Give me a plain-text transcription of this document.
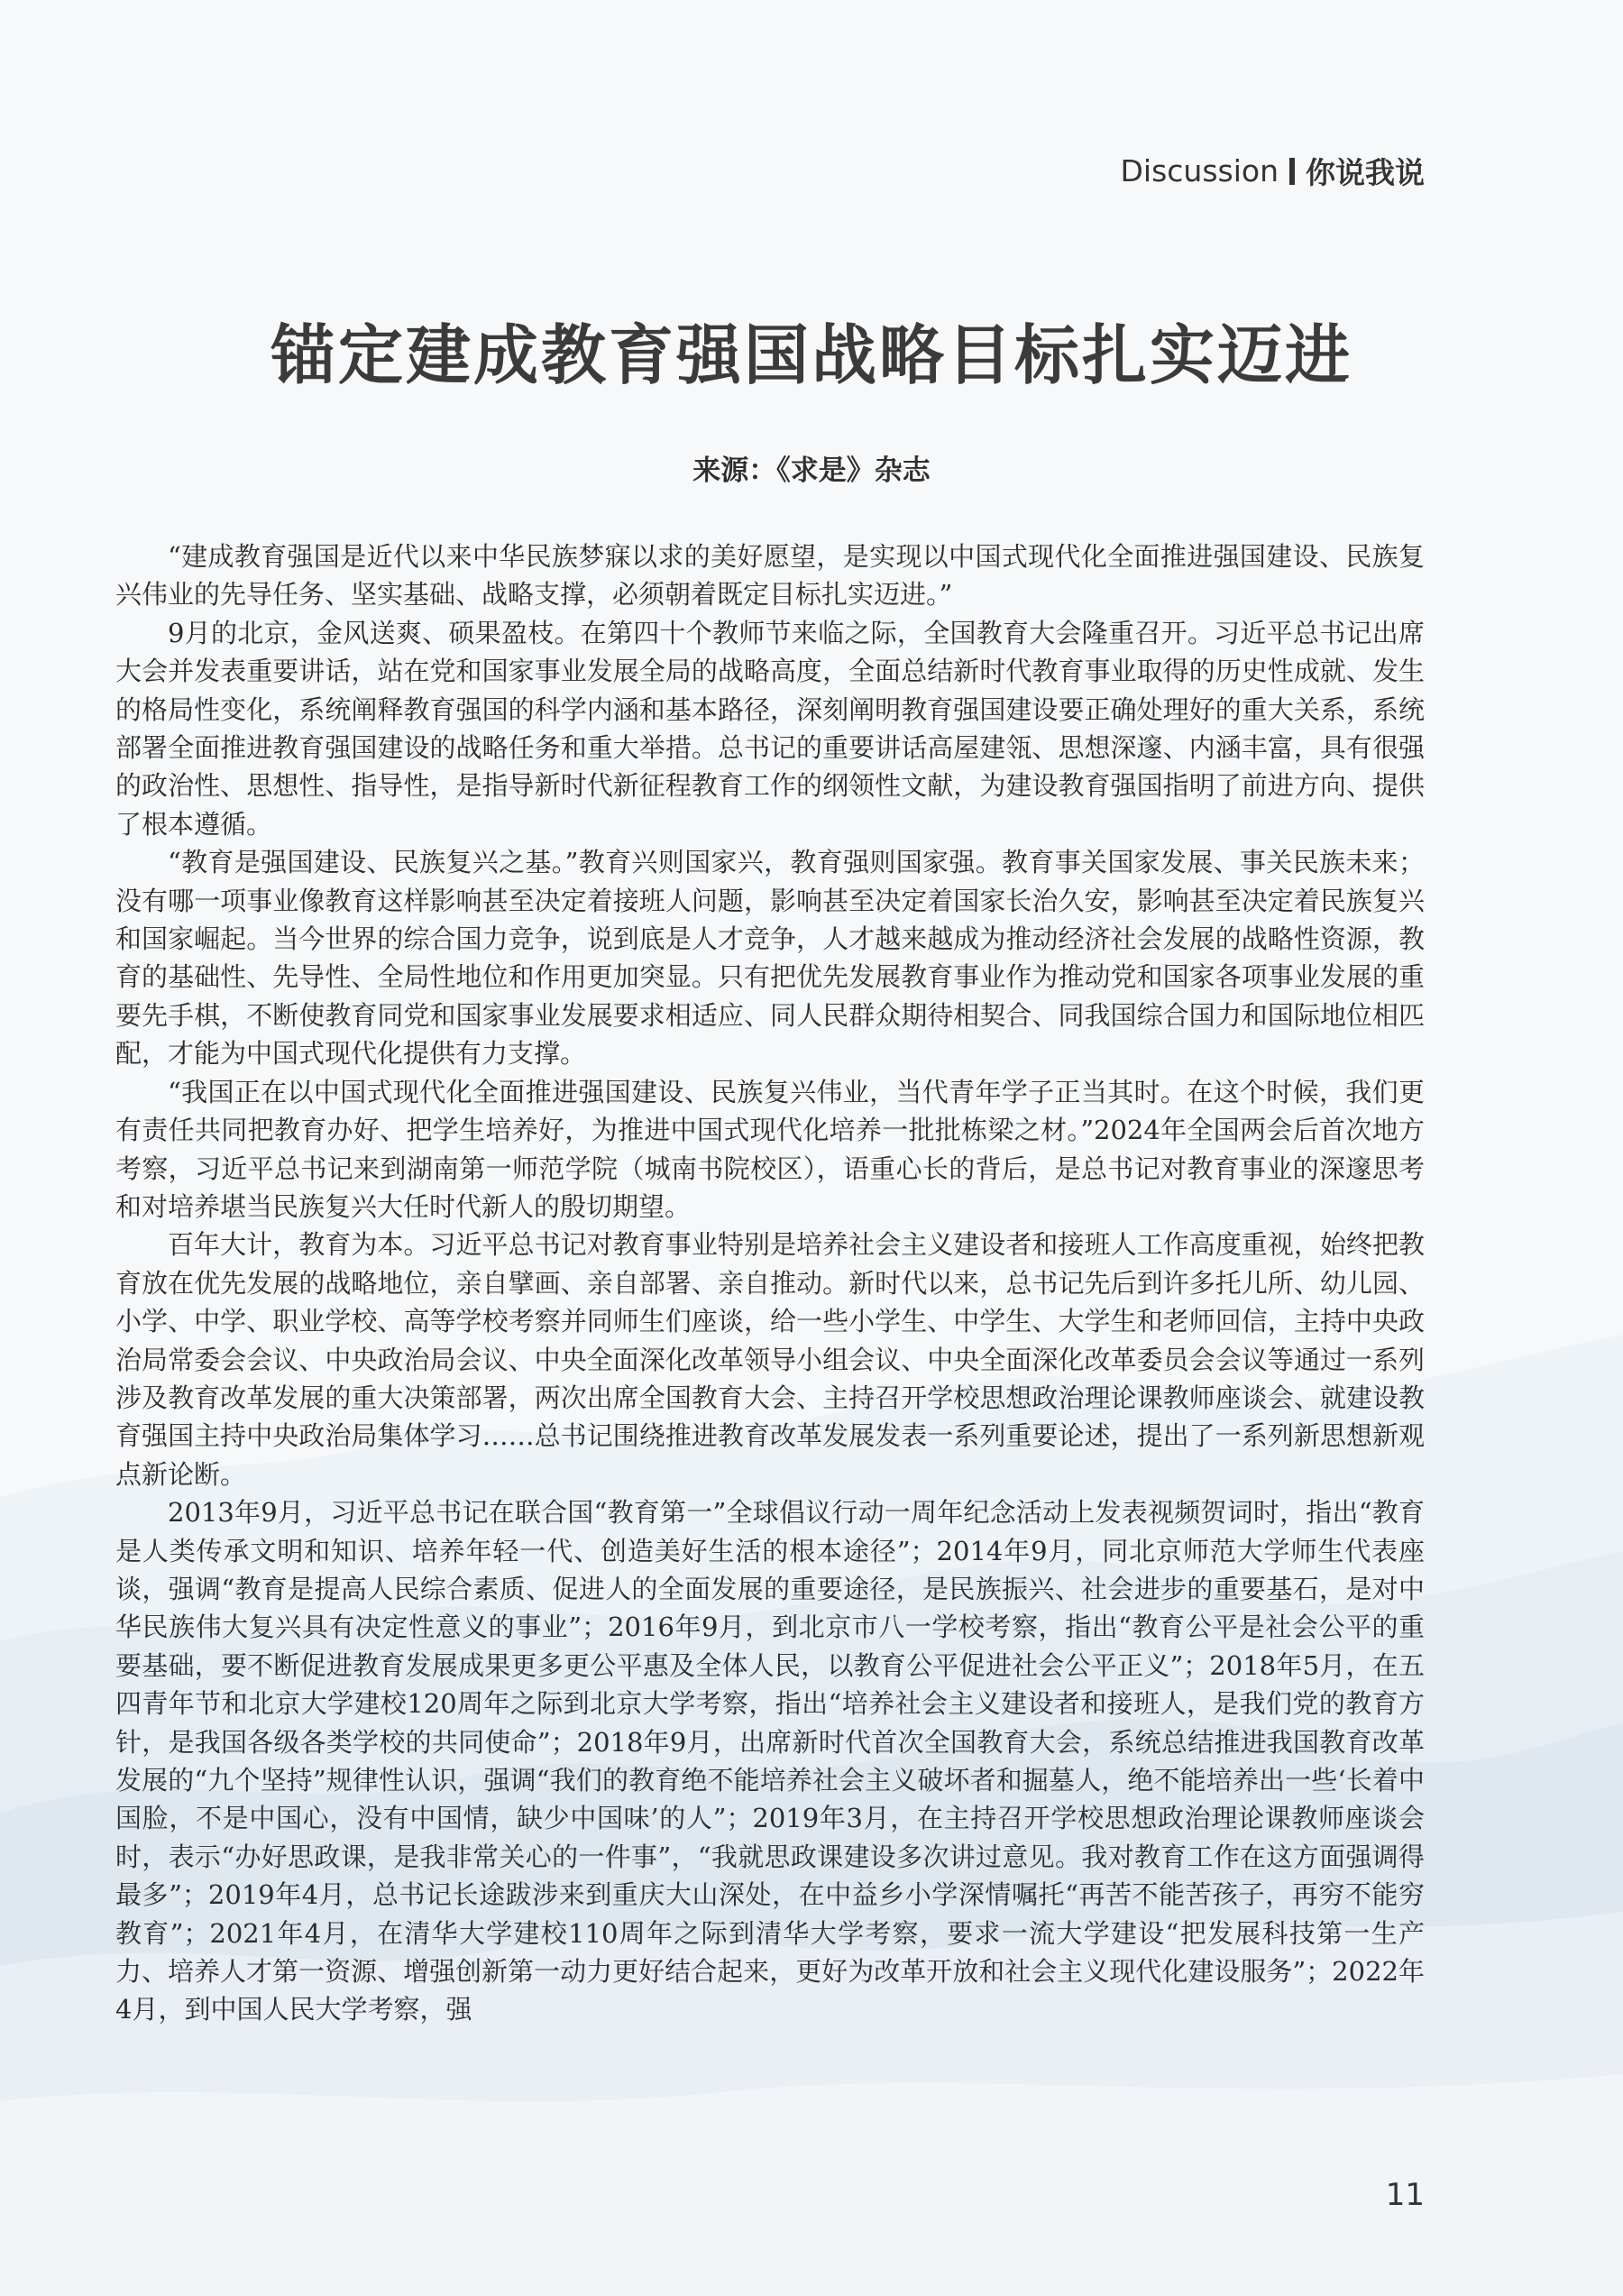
Discussion 你说我说
锚定建成教育强国战略目标扎实迈进
来源：《求是》杂志

“建成教育强国是近代以来中华民族梦寐以求的美好愿望，是实现以中国式现代化全面推进强国建设、民族复兴伟业的先导任务、坚实基础、战略支撑，必须朝着既定目标扎实迈进。”

9月的北京，金风送爽、硕果盈枝。在第四十个教师节来临之际，全国教育大会隆重召开。习近平总书记出席大会并发表重要讲话，站在党和国家事业发展全局的战略高度，全面总结新时代教育事业取得的历史性成就、发生的格局性变化，系统阐释教育强国的科学内涵和基本路径，深刻阐明教育强国建设要正确处理好的重大关系，系统部署全面推进教育强国建设的战略任务和重大举措。总书记的重要讲话高屋建瓴、思想深邃、内涵丰富，具有很强的政治性、思想性、指导性，是指导新时代新征程教育工作的纲领性文献，为建设教育强国指明了前进方向、提供了根本遵循。

“教育是强国建设、民族复兴之基。”教育兴则国家兴，教育强则国家强。教育事关国家发展、事关民族未来；没有哪一项事业像教育这样影响甚至决定着接班人问题，影响甚至决定着国家长治久安，影响甚至决定着民族复兴和国家崛起。当今世界的综合国力竞争，说到底是人才竞争，人才越来越成为推动经济社会发展的战略性资源，教育的基础性、先导性、全局性地位和作用更加突显。只有把优先发展教育事业作为推动党和国家各项事业发展的重要先手棋，不断使教育同党和国家事业发展要求相适应、同人民群众期待相契合、同我国综合国力和国际地位相匹配，才能为中国式现代化提供有力支撑。

“我国正在以中国式现代化全面推进强国建设、民族复兴伟业，当代青年学子正当其时。在这个时候，我们更有责任共同把教育办好、把学生培养好，为推进中国式现代化培养一批批栋梁之材。”2024年全国两会后首次地方考察，习近平总书记来到湖南第一师范学院（城南书院校区），语重心长的背后，是总书记对教育事业的深邃思考和对培养堪当民族复兴大任时代新人的殷切期望。

百年大计，教育为本。习近平总书记对教育事业特别是培养社会主义建设者和接班人工作高度重视，始终把教育放在优先发展的战略地位，亲自擘画、亲自部署、亲自推动。新时代以来，总书记先后到许多托儿所、幼儿园、小学、中学、职业学校、高等学校考察并同师生们座谈，给一些小学生、中学生、大学生和老师回信，主持中央政治局常委会会议、中央政治局会议、中央全面深化改革领导小组会议、中央全面深化改革委员会会议等通过一系列涉及教育改革发展的重大决策部署，两次出席全国教育大会、主持召开学校思想政治理论课教师座谈会、就建设教育强国主持中央政治局集体学习……总书记围绕推进教育改革发展发表一系列重要论述，提出了一系列新思想新观点新论断。

2013年9月，习近平总书记在联合国“教育第一”全球倡议行动一周年纪念活动上发表视频贺词时，指出“教育是人类传承文明和知识、培养年轻一代、创造美好生活的根本途径”；2014年9月，同北京师范大学师生代表座谈，强调“教育是提高人民综合素质、促进人的全面发展的重要途径，是民族振兴、社会进步的重要基石，是对中华民族伟大复兴具有决定性意义的事业”；2016年9月，到北京市八一学校考察，指出“教育公平是社会公平的重要基础，要不断促进教育发展成果更多更公平惠及全体人民，以教育公平促进社会公平正义”；2018年5月，在五四青年节和北京大学建校120周年之际到北京大学考察，指出“培养社会主义建设者和接班人，是我们党的教育方针，是我国各级各类学校的共同使命”；2018年9月，出席新时代首次全国教育大会，系统总结推进我国教育改革发展的“九个坚持”规律性认识，强调“我们的教育绝不能培养社会主义破坏者和掘墓人，绝不能培养出一些‘长着中国脸，不是中国心，没有中国情，缺少中国味’的人”；2019年3月，在主持召开学校思想政治理论课教师座谈会时，表示“办好思政课，是我非常关心的一件事”，“我就思政课建设多次讲过意见。我对教育工作在这方面强调得最多”；2019年4月，总书记长途跋涉来到重庆大山深处，在中益乡小学深情嘱托“再苦不能苦孩子，再穷不能穷教育”；2021年4月，在清华大学建校110周年之际到清华大学考察，要求一流大学建设“把发展科技第一生产力、培养人才第一资源、增强创新第一动力更好结合起来，更好为改革开放和社会主义现代化建设服务”；2022年4月，到中国人民大学考察，强

11
